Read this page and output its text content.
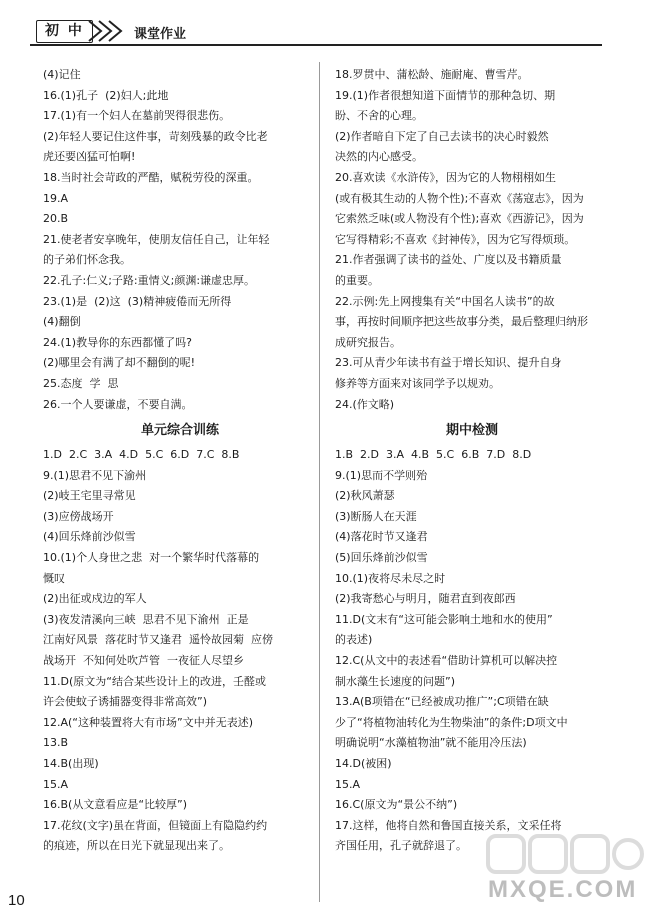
初 中	课堂作业
(4)记住
16.(1)孔子  (2)妇人;此地
17.(1)有一个妇人在墓前哭得很悲伤。
(2)年轻人要记住这件事，苛刻残暴的政令比老
虎还要凶猛可怕啊!
18.当时社会苛政的严酷，赋税劳役的深重。
19.A
20.B
21.使老者安享晚年，使朋友信任自己，让年轻
的子弟们怀念我。
22.孔子:仁义;子路:重情义;颜渊:谦虚忠厚。
23.(1)是  (2)这  (3)精神疲倦而无所得
(4)翻倒
24.(1)教导你的东西都懂了吗?
(2)哪里会有满了却不翻倒的呢!
25.态度  学  思
26.一个人要谦虚，不要自满。
单元综合训练
1.D  2.C  3.A  4.D  5.C  6.D  7.C  8.B
9.(1)思君不见下渝州
(2)岐王宅里寻常见
(3)应傍战场开
(4)回乐烽前沙似雪
10.(1)个人身世之悲  对一个繁华时代落幕的
慨叹
(2)出征或戍边的军人
(3)夜发清溪向三峡  思君不见下渝州  正是
江南好风景  落花时节又逢君  遥怜故园菊  应傍
战场开  不知何处吹芦管  一夜征人尽望乡
11.D(原文为“结合某些设计上的改进，壬醛或
许会使蚊子诱捕器变得非常高效”)
12.A(“这种装置将大有市场”文中并无表述)
13.B
14.B(出现)
15.A
16.B(从文意看应是“比较厚”)
17.花纹(文字)虽在背面，但镜面上有隐隐约约
的痕迹，所以在日光下就显现出来了。
18.罗贯中、蒲松龄、施耐庵、曹雪芹。
19.(1)作者很想知道下面情节的那种急切、期
盼、不舍的心理。
(2)作者暗自下定了自己去读书的决心时毅然
决然的内心感受。
20.喜欢读《水浒传》，因为它的人物栩栩如生
(或有极其生动的人物个性);不喜欢《荡寇志》，因为
它索然乏味(或人物没有个性);喜欢《西游记》，因为
它写得精彩;不喜欢《封神传》，因为它写得烦琐。
21.作者强调了读书的益处、广度以及书籍质量
的重要。
22.示例:先上网搜集有关“中国名人读书”的故
事，再按时间顺序把这些故事分类，最后整理归纳形
成研究报告。
23.可从青少年读书有益于增长知识、提升自身
修养等方面来对该同学予以规劝。
24.(作文略)
期中检测
1.B  2.D  3.A  4.B  5.C  6.B  7.D  8.D
9.(1)思而不学则殆
(2)秋风萧瑟
(3)断肠人在天涯
(4)落花时节又逢君
(5)回乐烽前沙似雪
10.(1)夜将尽未尽之时
(2)我寄愁心与明月，随君直到夜郎西
11.D(文末有“这可能会影响土地和水的使用”
的表述)
12.C(从文中的表述看“借助计算机可以解决控
制水藻生长速度的问题”)
13.A(B项错在“已经被成功推广”;C项错在缺
少了“将植物油转化为生物柴油”的条件;D项文中
明确说明“水藻植物油”就不能用冷压法)
14.D(被困)
15.A
16.C(原文为“景公不纳”)
17.这样，他将自然和鲁国直接关系，文采任将
齐国任用，孔子就辞退了。
10	MXQE.COM
